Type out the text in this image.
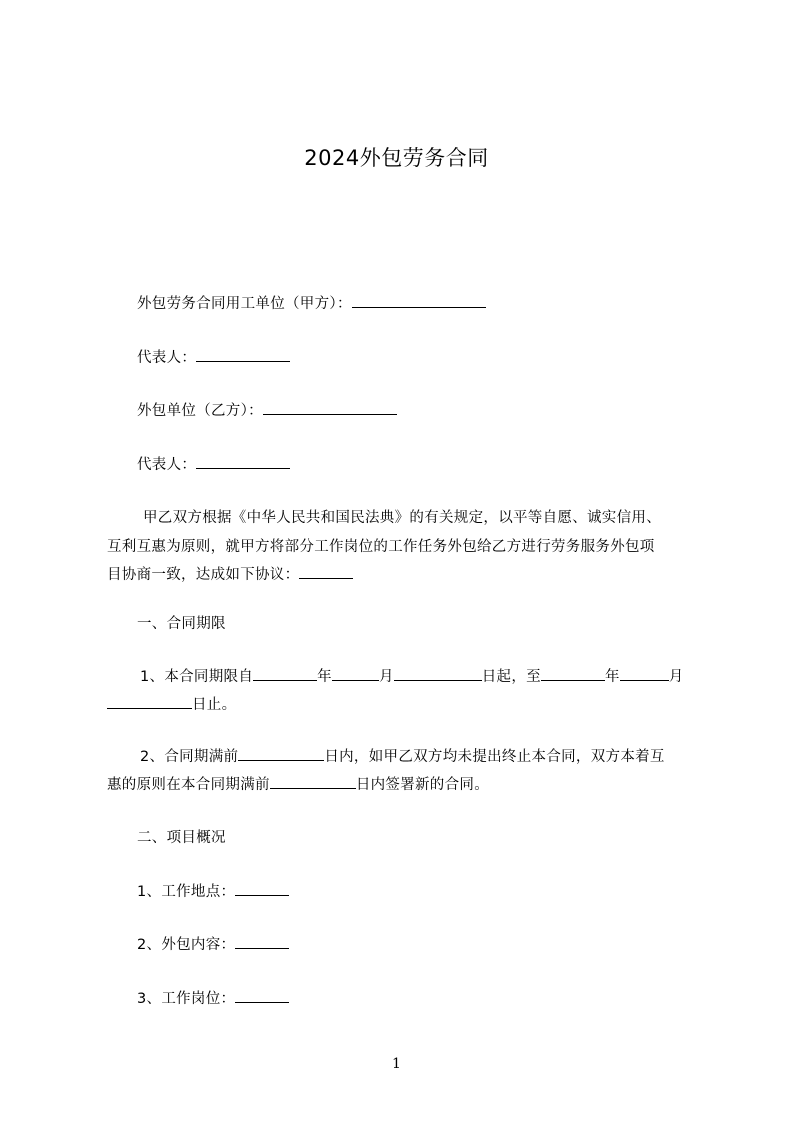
2024外包劳务合同
外包劳务合同用工单位（甲方）：
代表人：
外包单位（乙方）：
代表人：
甲乙双方根据《中华人民共和国民法典》的有关规定，以平等自愿、诚实信用、
互利互惠为原则，就甲方将部分工作岗位的工作任务外包给乙方进行劳务服务外包项
目协商一致，达成如下协议：
一、合同期限
1、本合同期限自	年	月	日起，至	年	月
日止。
2、合同期满前	日内，如甲乙双方均未提出终止本合同，双方本着互
惠的原则在本合同期满前	日内签署新的合同。
二、项目概况
1、工作地点：
2、外包内容：
3、工作岗位：
1
